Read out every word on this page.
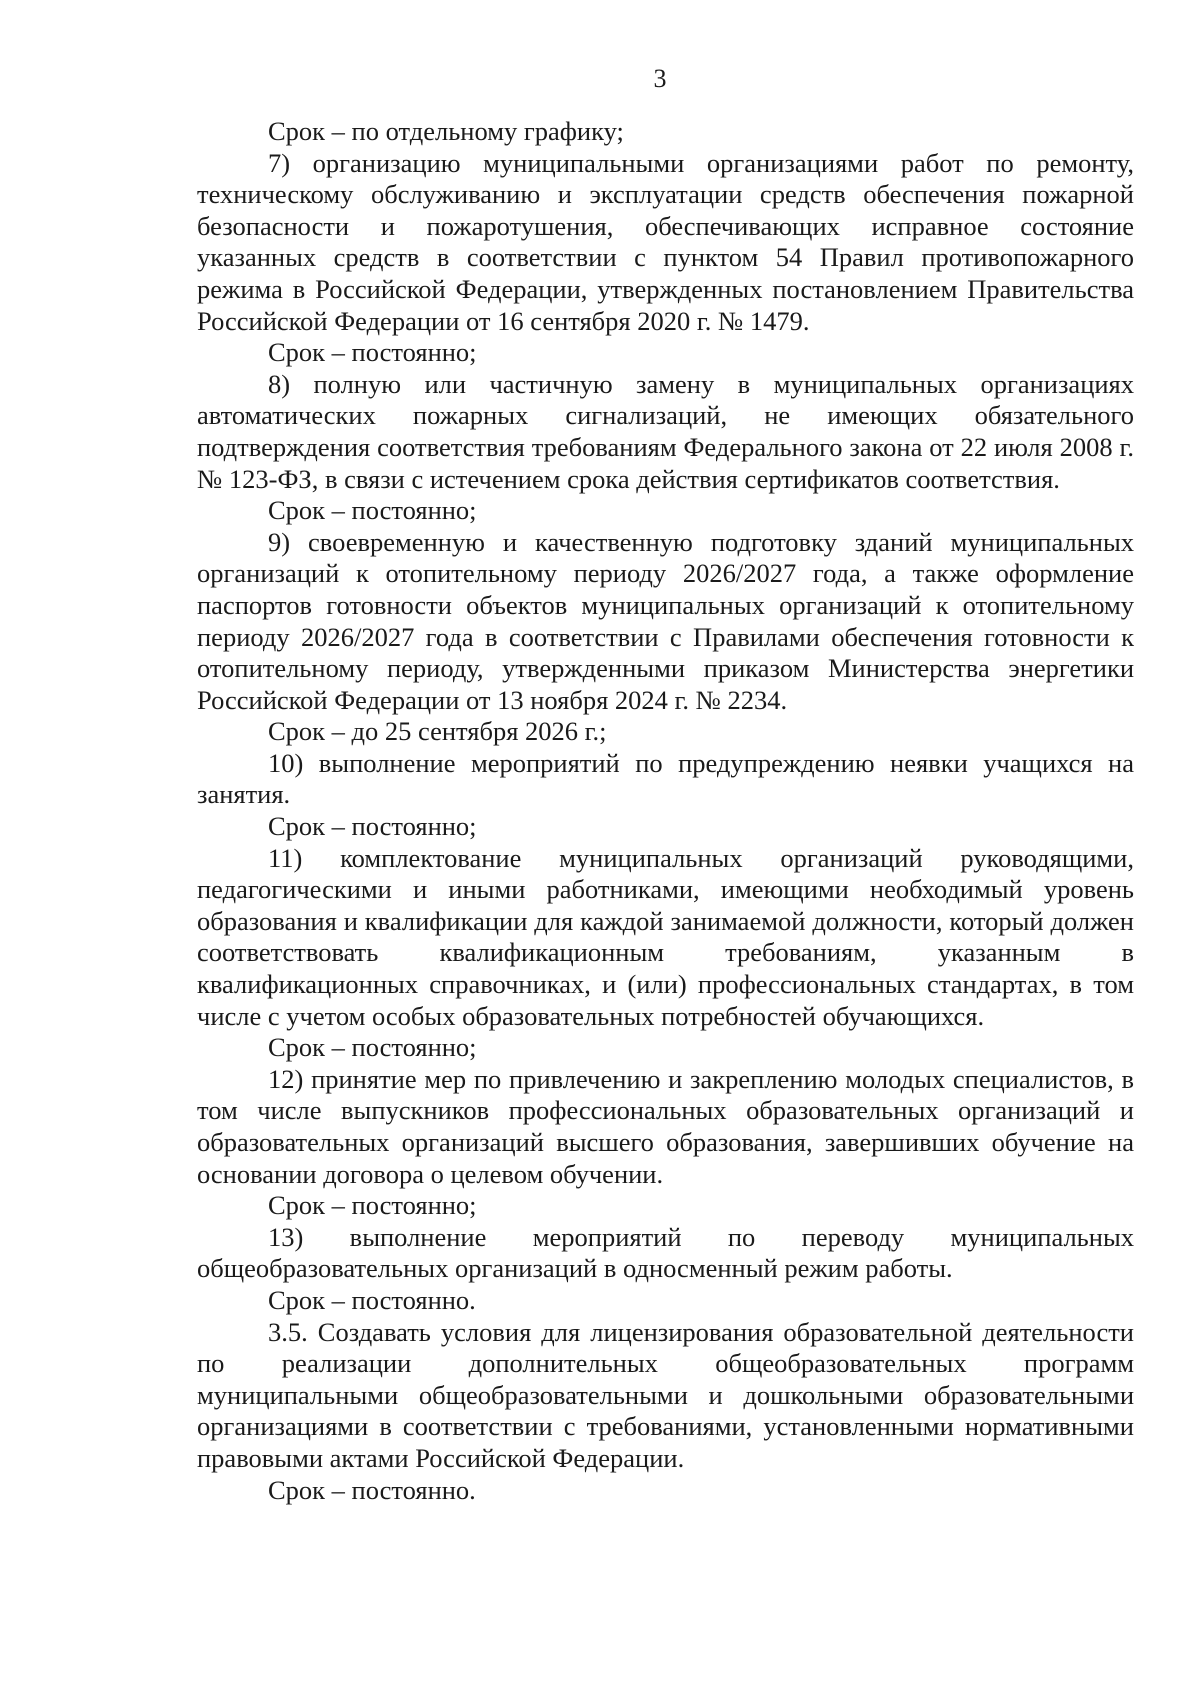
3

Срок – по отдельному графику;

7) организацию муниципальными организациями работ по ремонту, техническому обслуживанию и эксплуатации средств обеспечения пожарной безопасности и пожаротушения, обеспечивающих исправное состояние указанных средств в соответствии с пунктом 54 Правил противопожарного режима в Российской Федерации, утвержденных постановлением Правительства Российской Федерации от 16 сентября 2020 г. № 1479.

Срок – постоянно;

8) полную или частичную замену в муниципальных организациях автоматических пожарных сигнализаций, не имеющих обязательного подтверждения соответствия требованиям Федерального закона от 22 июля 2008 г. № 123-ФЗ, в связи с истечением срока действия сертификатов соответствия.

Срок – постоянно;

9) своевременную и качественную подготовку зданий муниципальных организаций к отопительному периоду 2026/2027 года, а также оформление паспортов готовности объектов муниципальных организаций к отопительному периоду 2026/2027 года в соответствии с Правилами обеспечения готовности к отопительному периоду, утвержденными приказом Министерства энергетики Российской Федерации от 13 ноября 2024 г. № 2234.

Срок – до 25 сентября 2026 г.;

10) выполнение мероприятий по предупреждению неявки учащихся на занятия.

Срок – постоянно;

11) комплектование муниципальных организаций руководящими, педагогическими и иными работниками, имеющими необходимый уровень образования и квалификации для каждой занимаемой должности, который должен соответствовать квалификационным требованиям, указанным в квалификационных справочниках, и (или) профессиональных стандартах, в том числе с учетом особых образовательных потребностей обучающихся.

Срок – постоянно;

12) принятие мер по привлечению и закреплению молодых специалистов, в том числе выпускников профессиональных образовательных организаций и образовательных организаций высшего образования, завершивших обучение на основании договора о целевом обучении.

Срок – постоянно;

13) выполнение мероприятий по переводу муниципальных общеобразовательных организаций в односменный режим работы.

Срок – постоянно.

3.5. Создавать условия для лицензирования образовательной деятельности по реализации дополнительных общеобразовательных программ муниципальными общеобразовательными и дошкольными образовательными организациями в соответствии с требованиями, установленными нормативными правовыми актами Российской Федерации.

Срок – постоянно.
